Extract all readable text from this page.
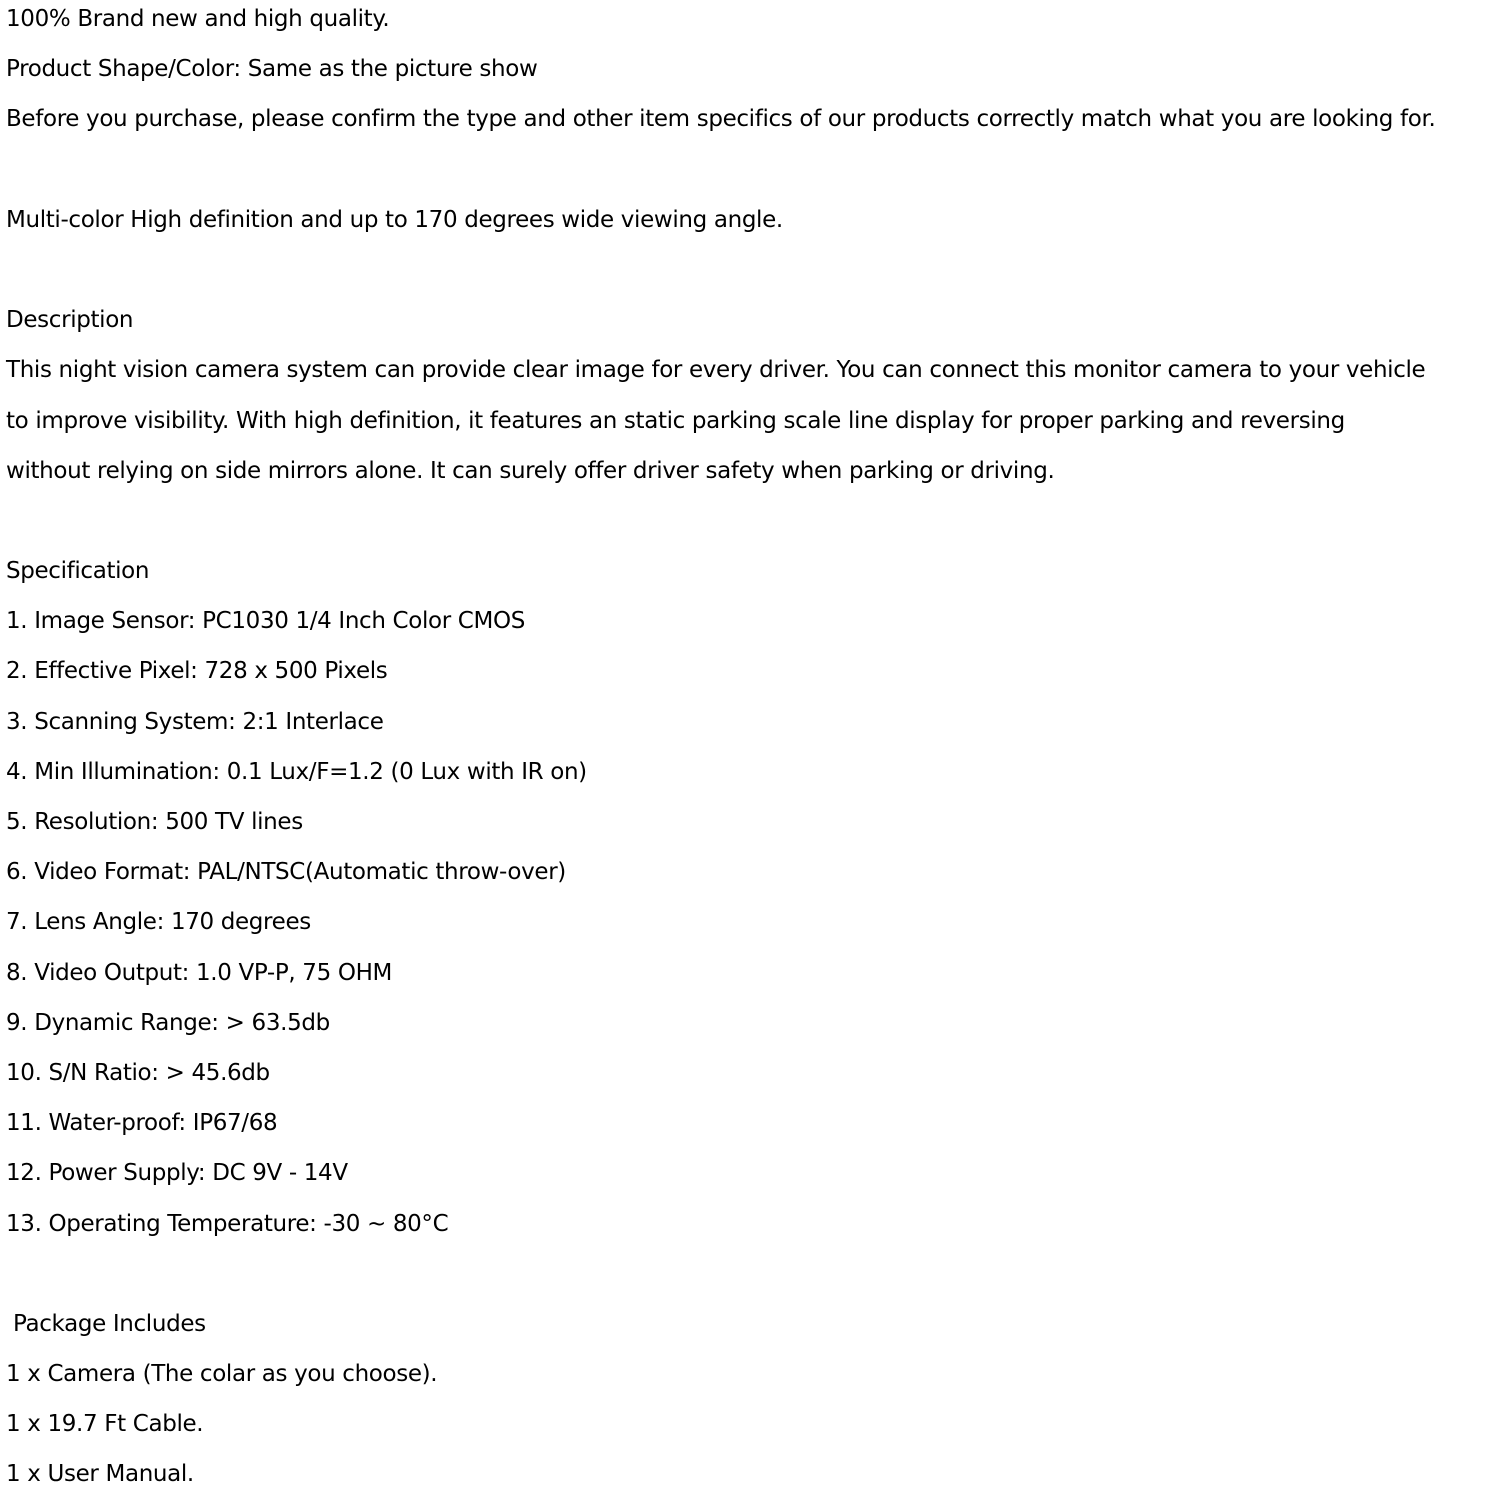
100% Brand new and high quality.
Product Shape/Color: Same as the picture show
Before you purchase, please confirm the type and other item specifics of our products correctly match what you are looking for.
Multi-color High definition and up to 170 degrees wide viewing angle.
Description
This night vision camera system can provide clear image for every driver. You can connect this monitor camera to your vehicle
to improve visibility. With high definition, it features an static parking scale line display for proper parking and reversing
without relying on side mirrors alone. It can surely offer driver safety when parking or driving.
Specification
1. Image Sensor: PC1030 1/4 Inch Color CMOS
2. Effective Pixel: 728 x 500 Pixels
3. Scanning System: 2:1 Interlace
4. Min Illumination: 0.1 Lux/F=1.2 (0 Lux with IR on)
5. Resolution: 500 TV lines
6. Video Format: PAL/NTSC(Automatic throw-over)
7. Lens Angle: 170 degrees
8. Video Output: 1.0 VP-P, 75 OHM
9. Dynamic Range: > 63.5db
10. S/N Ratio: > 45.6db
11. Water-proof: IP67/68
12. Power Supply: DC 9V - 14V
13. Operating Temperature: -30 ~ 80°C
Package Includes
1 x Camera (The colar as you choose).
1 x 19.7 Ft Cable.
1 x User Manual.
